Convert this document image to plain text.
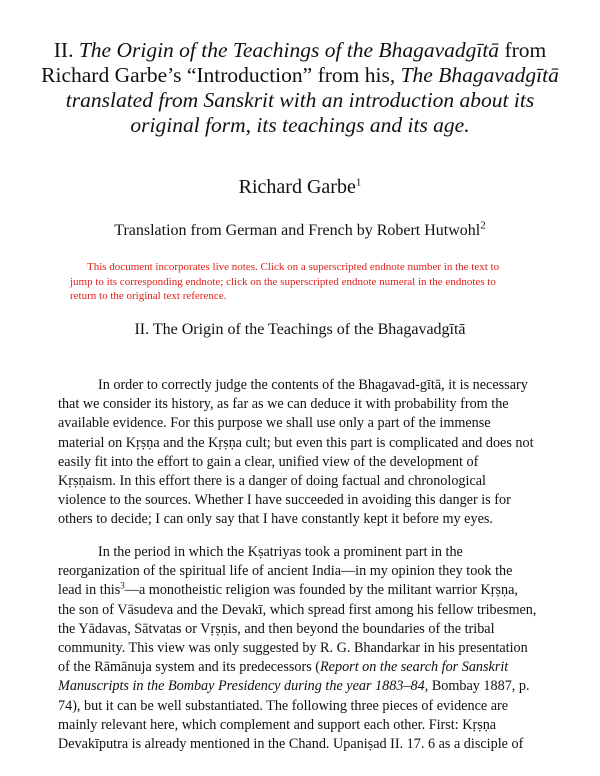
II. The Origin of the Teachings of the Bhagavadgītā from
Richard Garbe’s “Introduction” from his, The Bhagavadgītā
translated from Sanskrit with an introduction about its original form, its teachings and its age.
Richard Garbe$^1$
Translation from German and French by Robert Hutwohl$^2$
This document incorporates live notes. Click on a superscripted endnote number in the text to
jump to its corresponding endnote; click on the superscripted endnote numeral in the endnotes to
return to the original text reference.
II. The Origin of the Teachings of the Bhagavadgītā

In order to correctly judge the contents of the Bhagavad-gītā, it is necessary
that we consider its history, as far as we can deduce it with probability from the
available evidence. For this purpose we shall use only a part of the immense
material on Kṛṣṇa and the Kṛṣṇa cult; but even this part is complicated and does not
easily fit into the effort to gain a clear, unified view of the development of
Kṛṣṇaism. In this effort there is a danger of doing factual and chronological
violence to the sources. Whether I have succeeded in avoiding this danger is for
others to decide; I can only say that I have constantly kept it before my eyes.

In the period in which the Kṣatriyas took a prominent part in the
reorganization of the spiritual life of ancient India—in my opinion they took the
lead in this$^3$—a monotheistic religion was founded by the militant warrior Kṛṣṇa,
the son of Vāsudeva and the Devakī, which spread first among his fellow tribesmen,
the Yādavas, Sātvatas or Vṛṣṇis, and then beyond the boundaries of the tribal
community. This view was only suggested by R. G. Bhandarkar in his presentation
of the Rāmānuja system and its predecessors (Report on the search for Sanskrit
Manuscripts in the Bombay Presidency during the year 1883–84, Bombay 1887, p.
74), but it can be well substantiated. The following three pieces of evidence are
mainly relevant here, which complement and support each other. First: Kṛṣṇa
Devakīputra is already mentioned in the Chand. Upaniṣad II. 17. 6 as a disciple of
